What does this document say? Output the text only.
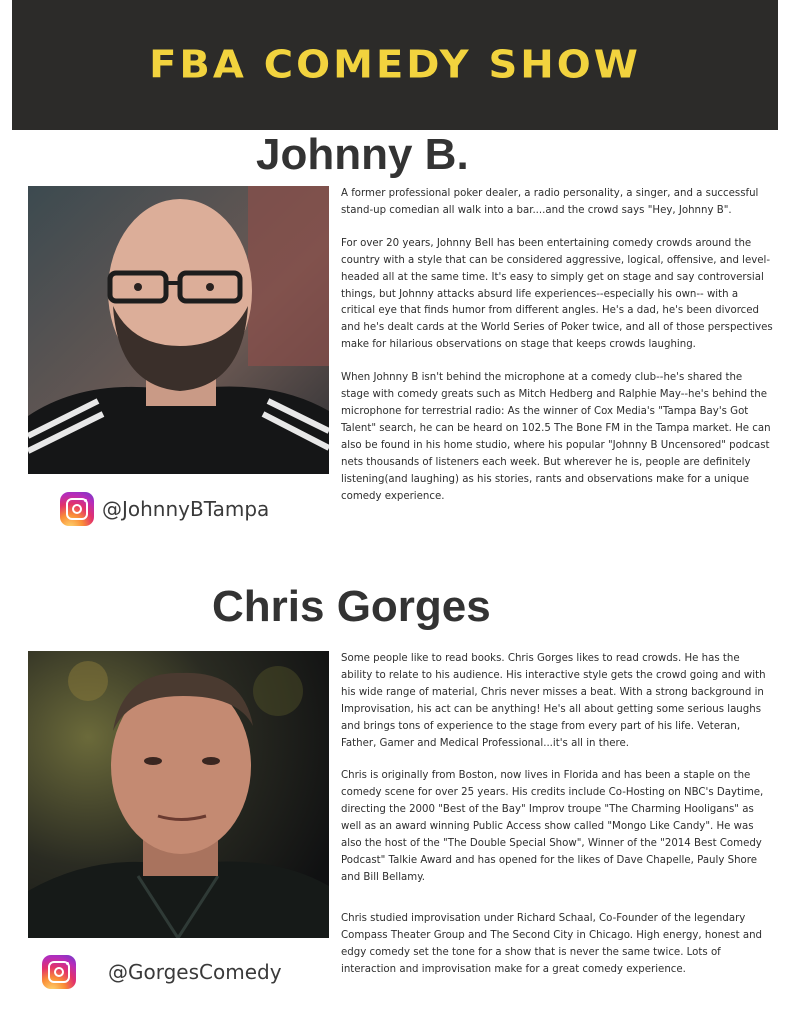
FBA COMEDY SHOW
Johnny B.

A former professional poker dealer, a radio personality, a singer, and a successful stand-up comedian all walk into a bar....and the crowd says "Hey, Johnny B".

For over 20 years, Johnny Bell has been entertaining comedy crowds around the country with a style that can be considered aggressive, logical, offensive, and level-headed all at the same time. It's easy to simply get on stage and say controversial things, but Johnny attacks absurd life experiences--especially his own-- with a critical eye that finds humor from different angles. He's a dad, he's been divorced and he's dealt cards at the World Series of Poker twice, and all of those perspectives make for hilarious observations on stage that keeps crowds laughing.

When Johnny B isn't behind the microphone at a comedy club--he's shared the stage with comedy greats such as Mitch Hedberg and Ralphie May--he's behind the microphone for terrestrial radio: As the winner of Cox Media's "Tampa Bay's Got Talent" search, he can be heard on 102.5 The Bone FM in the Tampa market. He can also be found in his home studio, where his popular "Johnny B Uncensored" podcast nets thousands of listeners each week. But wherever he is, people are definitely listening(and laughing) as his stories, rants and observations make for a unique comedy experience.

@JohnnyBTampa
Chris Gorges

Some people like to read books. Chris Gorges likes to read crowds. He has the ability to relate to his audience. His interactive style gets the crowd going and with his wide range of material, Chris never misses a beat. With a strong background in Improvisation, his act can be anything! He's all about getting some serious laughs and brings tons of experience to the stage from every part of his life. Veteran, Father, Gamer and Medical Professional...it's all in there.

Chris is originally from Boston, now lives in Florida and has been a staple on the comedy scene for over 25 years. His credits include Co-Hosting on NBC's Daytime, directing the 2000 "Best of the Bay" Improv troupe "The Charming Hooligans" as well as an award winning Public Access show called "Mongo Like Candy". He was also the host of the "The Double Special Show", Winner of the "2014 Best Comedy Podcast" Talkie Award and has opened for the likes of Dave Chapelle, Pauly Shore and Bill Bellamy.

Chris studied improvisation under Richard Schaal, Co-Founder of the legendary Compass Theater Group and The Second City in Chicago. High energy, honest and edgy comedy set the tone for a show that is never the same twice. Lots of interaction and improvisation make for a great comedy experience.

@GorgesComedy
